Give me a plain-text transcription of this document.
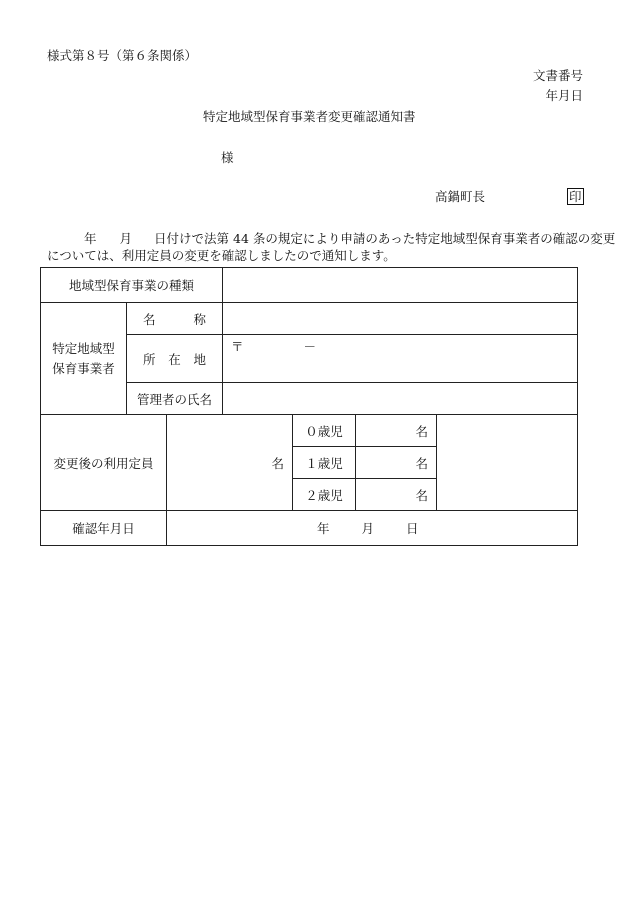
様式第８号（第６条関係）
文書番号
年月日
特定地域型保育事業者変更確認通知書
様
高鍋町長	印
年 月 日付けで法第 44 条の規定により申請のあった特定地域型保育事業者の確認の変更
については、利用定員の変更を確認しましたので通知します。
地域型保育事業の種類						

特定地域型
保育事業者	名 称					

	所 在 地		〒 －			

	管理者の氏名					
変更後の利用定員		名		０歳児	名	
				１歳児	名	
				２歳児	名	
確認年月日		年 月 日				
